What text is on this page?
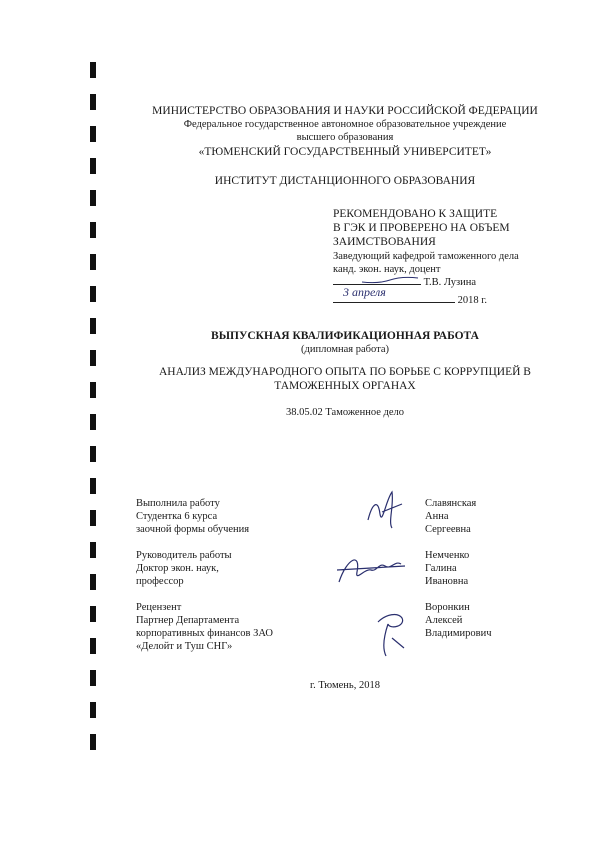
МИНИСТЕРСТВО ОБРАЗОВАНИЯ И НАУКИ РОССИЙСКОЙ ФЕДЕРАЦИИ
Федеральное государственное автономное образовательное учреждение
высшего образования
«ТЮМЕНСКИЙ ГОСУДАРСТВЕННЫЙ УНИВЕРСИТЕТ»
ИНСТИТУТ ДИСТАНЦИОННОГО ОБРАЗОВАНИЯ
РЕКОМЕНДОВАНО К ЗАЩИТЕ
В ГЭК И ПРОВЕРЕНО НА ОБЪЕМ
ЗАИМСТВОВАНИЯ
Заведующий кафедрой таможенного дела
канд. экон. наук, доцент
Т.В. Лузина
3 апреля
2018 г.
ВЫПУСКНАЯ КВАЛИФИКАЦИОННАЯ РАБОТА
(дипломная работа)
АНАЛИЗ МЕЖДУНАРОДНОГО ОПЫТА ПО БОРЬБЕ С КОРРУПЦИЕЙ В
ТАМОЖЕННЫХ ОРГАНАХ
38.05.02 Таможенное дело
Выполнила работу
Студентка 6 курса
заочной формы обучения
Славянская
Анна
Сергеевна
Руководитель работы
Доктор экон. наук,
профессор
Немченко
Галина
Ивановна
Рецензент
Партнер Департамента
корпоративных финансов ЗАО
«Делойт и Туш СНГ»
Воронкин
Алексей
Владимирович
г. Тюмень, 2018
